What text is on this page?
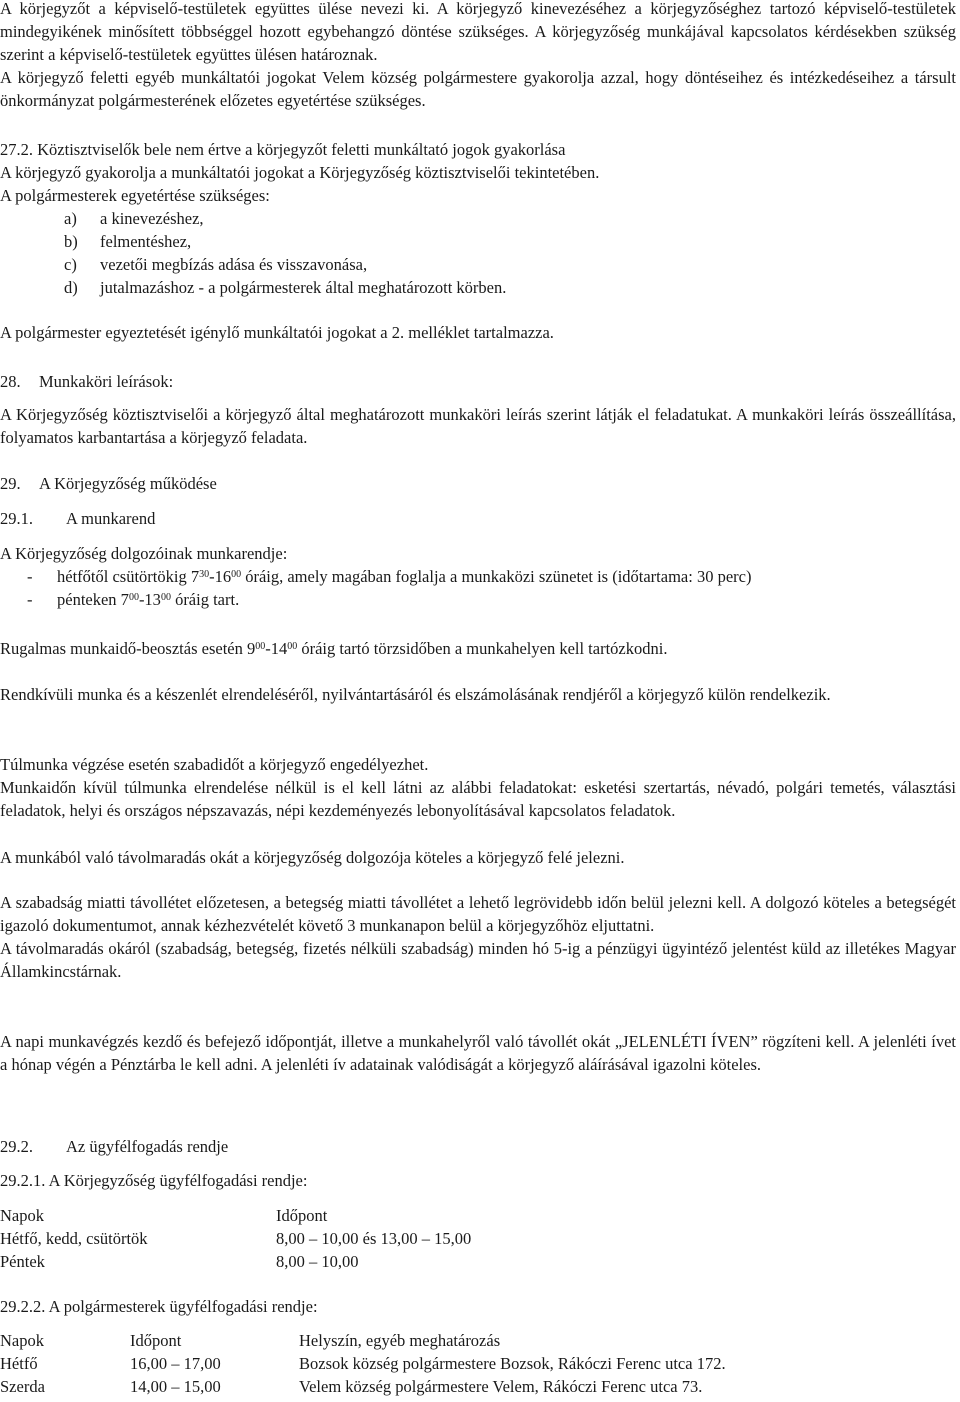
A körjegyzőt a képviselő-testületek együttes ülése nevezi ki. A körjegyző kinevezéséhez a körjegyzőséghez tartozó képviselő-testületek mindegyikének minősített többséggel hozott egybehangzó döntése szükséges. A körjegyzőség munkájával kapcsolatos kérdésekben szükség szerint a képviselő-testületek együttes ülésen határoznak.

A körjegyző feletti egyéb munkáltatói jogokat Velem község polgármestere gyakorolja azzal, hogy döntéseihez és intézkedéseihez a társult önkormányzat polgármesterének előzetes egyetértése szükséges.

27.2. Köztisztviselők bele nem értve a körjegyzőt feletti munkáltató jogok gyakorlása

A körjegyző gyakorolja a munkáltatói jogokat a Körjegyzőség köztisztviselői tekintetében.

A polgármesterek egyetértése szükséges:

a) a kinevezéshez,
b) felmentéshez,
c) vezetői megbízás adása és visszavonása,
d) jutalmazáshoz - a polgármesterek által meghatározott körben.

A polgármester egyeztetését igénylő munkáltatói jogokat a 2. melléklet tartalmazza.

28. Munkaköri leírások:

A Körjegyzőség köztisztviselői a körjegyző által meghatározott munkaköri leírás szerint látják el feladatukat. A munkaköri leírás összeállítása, folyamatos karbantartása a körjegyző feladata.

29. A Körjegyzőség működése

29.1. A munkarend

A Körjegyzőség dolgozóinak munkarendje:

- hétfőtől csütörtökig $7^{30}-16^{00}$ óráig, amely magában foglalja a munkaközi szünetet is (időtartama: 30 perc)
- pénteken $7^{00}-13^{00}$ óráig tart.

Rugalmas munkaidő-beosztás esetén $9^{00}-14^{00}$ óráig tartó törzsidőben a munkahelyen kell tartózkodni.

Rendkívüli munka és a készenlét elrendeléséről, nyilvántartásáról és elszámolásának rendjéről a körjegyző külön rendelkezik.

Túlmunka végzése esetén szabadidőt a körjegyző engedélyezhet.

Munkaidőn kívül túlmunka elrendelése nélkül is el kell látni az alábbi feladatokat: esketési szertartás, névadó, polgári temetés, választási feladatok, helyi és országos népszavazás, népi kezdeményezés lebonyolításával kapcsolatos feladatok.

A munkából való távolmaradás okát a körjegyzőség dolgozója köteles a körjegyző felé jelezni.

A szabadság miatti távollétet előzetesen, a betegség miatti távollétet a lehető legrövidebb időn belül jelezni kell. A dolgozó köteles a betegségét igazoló dokumentumot, annak kézhezvételét követő 3 munkanapon belül a körjegyzőhöz eljuttatni.

A távolmaradás okáról (szabadság, betegség, fizetés nélküli szabadság) minden hó 5-ig a pénzügyi ügyintéző jelentést küld az illetékes Magyar Államkincstárnak.

A napi munkavégzés kezdő és befejező időpontját, illetve a munkahelyről való távollét okát „JELENLÉTI ÍVEN” rögzíteni kell. A jelenléti ívet a hónap végén a Pénztárba le kell adni. A jelenléti ív adatainak valódiságát a körjegyző aláírásával igazolni köteles.

29.2. Az ügyfélfogadás rendje

29.2.1. A Körjegyzőség ügyfélfogadási rendje:

Napok	Időpont
Hétfő, kedd, csütörtök	8,00 – 10,00 és 13,00 – 15,00
Péntek	8,00 – 10,00

29.2.2. A polgármesterek ügyfélfogadási rendje:

Napok	Időpont	Helyszín, egyéb meghatározás
Hétfő	16,00 – 17,00	Bozsok község polgármestere Bozsok, Rákóczi Ferenc utca 172.
Szerda	14,00 – 15,00	Velem község polgármestere Velem, Rákóczi Ferenc utca 73.
